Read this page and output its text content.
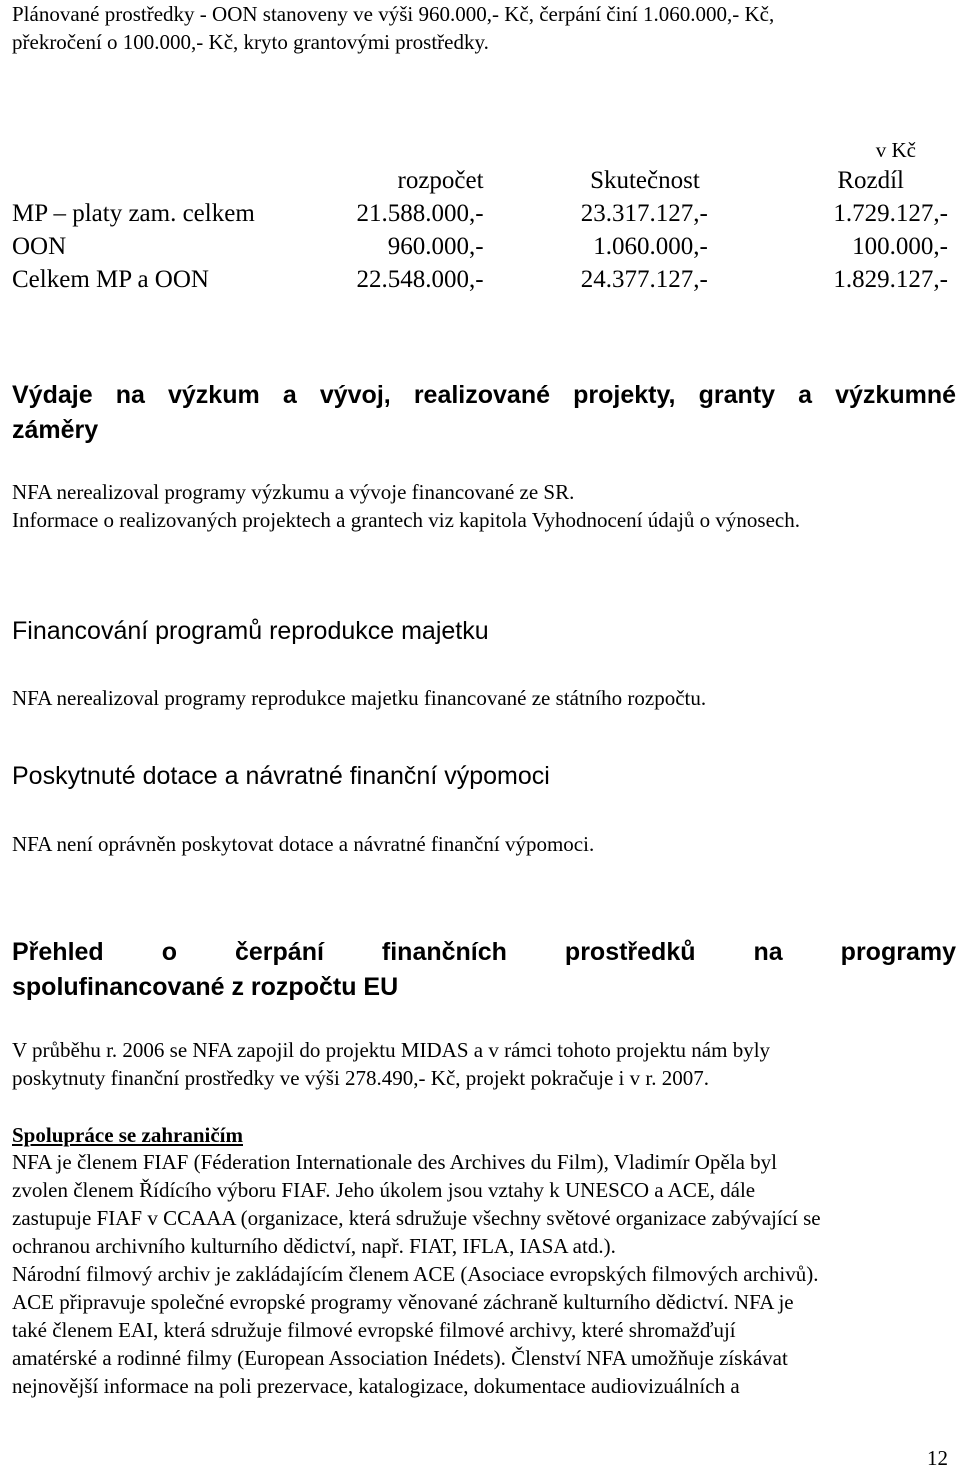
Plánované prostředky - OON stanoveny ve výši 960.000,- Kč, čerpání činí 1.060.000,- Kč,
překročení o 100.000,- Kč, kryto grantovými prostředky.
v Kč
	rozpočet	Skutečnost	Rozdíl
MP – platy zam. celkem	21.588.000,-	23.317.127,-	1.729.127,-
OON	960.000,-	1.060.000,-	100.000,-
Celkem MP a OON	22.548.000,-	24.377.127,-	1.829.127,-
Výdaje na výzkum a vývoj, realizované projekty, granty a výzkumné
záměry
NFA nerealizoval programy výzkumu a vývoje financované ze SR.
Informace o realizovaných projektech a grantech viz kapitola Vyhodnocení údajů o výnosech.
Financování programů reprodukce majetku
NFA nerealizoval programy reprodukce majetku financované ze státního rozpočtu.
Poskytnuté dotace a návratné finanční výpomoci
NFA není oprávněn poskytovat dotace a návratné finanční výpomoci.
Přehled o čerpání finančních prostředků na programy
spolufinancované z rozpočtu EU
V průběhu r. 2006 se NFA zapojil do projektu MIDAS a v rámci tohoto projektu nám byly
poskytnuty finanční prostředky ve výši 278.490,- Kč, projekt pokračuje i v r. 2007.
Spolupráce se zahraničím
NFA je členem FIAF (Féderation Internationale des Archives du Film), Vladimír Opěla byl
zvolen členem Řídícího výboru FIAF. Jeho úkolem jsou vztahy k UNESCO a ACE, dále
zastupuje FIAF v CCAAA (organizace, která sdružuje všechny světové organizace zabývající se
ochranou archivního kulturního dědictví, např. FIAT, IFLA, IASA atd.).
Národní filmový archiv je zakládajícím členem ACE (Asociace evropských filmových archivů).
ACE připravuje společné evropské programy věnované záchraně kulturního dědictví. NFA je
také členem EAI, která sdružuje filmové evropské filmové archivy, které shromažďují
amatérské a rodinné filmy (European Association Inédets). Členství NFA umožňuje získávat
nejnovější informace na poli prezervace, katalogizace, dokumentace audiovizuálních a
12
